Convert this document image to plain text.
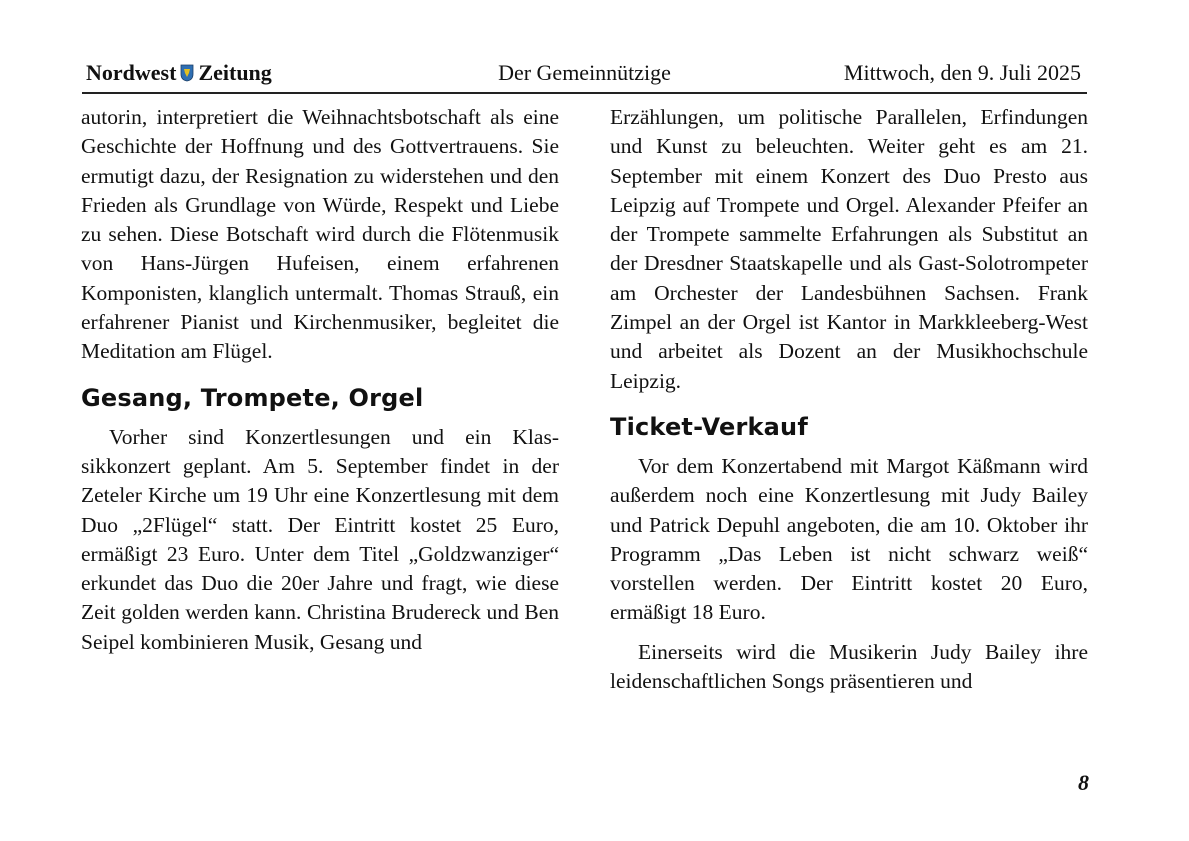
Nordwest Zeitung	Der Gemeinnützige	Mittwoch, den 9. Juli 2025

autorin, interpretiert die Weihnachtsbotschaft als eine Geschichte der Hoffnung und des Gottvertrauens. Sie ermutigt dazu, der Resignation zu widerstehen und den Frieden als Grundlage von Würde, Respekt und Liebe zu sehen. Diese Botschaft wird durch die Flötenmusik von Hans-Jürgen Hufeisen, einem erfahrenen Komponisten, klanglich untermalt. Thomas Strauß, ein erfahrener Pianist und Kirchenmusiker, begleitet die Meditation am Flügel.

Gesang, Trompete, Orgel

Vorher sind Konzertlesungen und ein Klassikkonzert geplant. Am 5. September findet in der Zeteler Kirche um 19 Uhr eine Konzertlesung mit dem Duo „2Flügel“ statt. Der Eintritt kostet 25 Euro, ermäßigt 23 Euro. Unter dem Titel „Goldzwanziger“ erkundet das Duo die 20er Jahre und fragt, wie diese Zeit golden werden kann. Christina Brudereck und Ben Seipel kombinieren Musik, Gesang und

Erzählungen, um politische Parallelen, Erfindungen und Kunst zu beleuchten. Weiter geht es am 21. September mit einem Konzert des Duo Presto aus Leipzig auf Trompete und Orgel. Alexander Pfeifer an der Trompete sammelte Erfahrungen als Substitut an der Dresdner Staatskapelle und als Gast-Solotrompeter am Orchester der Landesbühnen Sachsen. Frank Zimpel an der Orgel ist Kantor in Markkleeberg-West und arbeitet als Dozent an der Musikhochschule Leipzig.

Ticket-Verkauf

Vor dem Konzertabend mit Margot Käßmann wird außerdem noch eine Konzertlesung mit Judy Bailey und Patrick Depuhl angeboten, die am 10. Oktober ihr Programm „Das Leben ist nicht schwarz weiß“ vorstellen werden. Der Eintritt kostet 20 Euro, ermäßigt 18 Euro.

Einerseits wird die Musikerin Judy Bailey ihre leidenschaftlichen Songs präsentieren und

8
